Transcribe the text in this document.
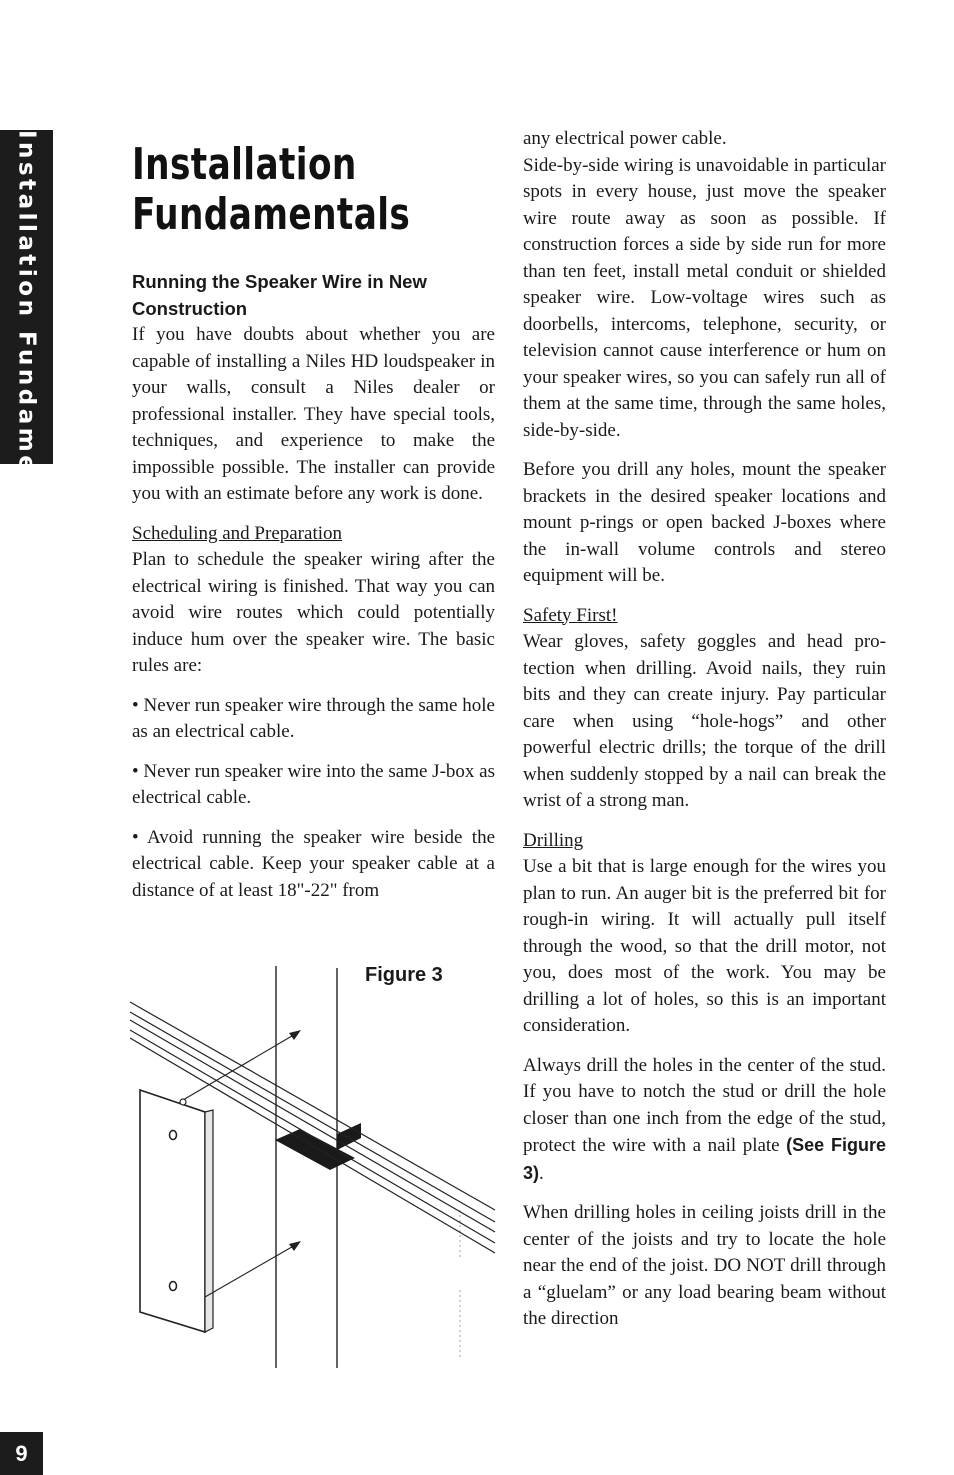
Installation Fundamentals Installation
Fundamentals

Running the Speaker Wire in New Construction
If you have doubts about whether you are capable of installing a Niles HD loudspeaker in your walls, consult a Niles dealer or professional installer. They have special tools, techniques, and experience to make the impossible possible. The installer can provide you with an estimate before any work is done.

Scheduling and Preparation
Plan to schedule the speaker wiring after the electrical wiring is finished. That way you can avoid wire routes which could potentially induce hum over the speaker wire. The basic rules are:

• Never run speaker wire through the same hole as an electrical cable.

• Never run speaker wire into the same J-box as electrical cable.

• Avoid running the speaker wire beside the electrical cable. Keep your speaker cable at a distance of at least 18"-22" from

Figure 3

any electrical power cable.
Side-by-side wiring is unavoidable in particular spots in every house, just move the speaker wire route away as soon as possible. If construction forces a side by side run for more than ten feet, install metal conduit or shielded speaker wire. Low-voltage wires such as doorbells, intercoms, telephone, security, or television cannot cause interference or hum on your speaker wires, so you can safely run all of them at the same time, through the same holes, side-by-side.

Before you drill any holes, mount the speaker brackets in the desired speaker locations and mount p-rings or open backed J-boxes where the in-wall volume controls and stereo equipment will be.

Safety First!
Wear gloves, safety goggles and head protection when drilling. Avoid nails, they ruin bits and they can create injury. Pay particular care when using “hole-hogs” and other powerful electric drills; the torque of the drill when suddenly stopped by a nail can break the wrist of a strong man.

Drilling
Use a bit that is large enough for the wires you plan to run. An auger bit is the preferred bit for rough-in wiring. It will actually pull itself through the wood, so that the drill motor, not you, does most of the work. You may be drilling a lot of holes, so this is an important consideration.

Always drill the holes in the center of the stud. If you have to notch the stud or drill the hole closer than one inch from the edge of the stud, protect the wire with a nail plate (See Figure 3).

When drilling holes in ceiling joists drill in the center of the joists and try to locate the hole near the end of the joist. DO NOT drill through a “gluelam” or any load bearing beam without the direction

9
